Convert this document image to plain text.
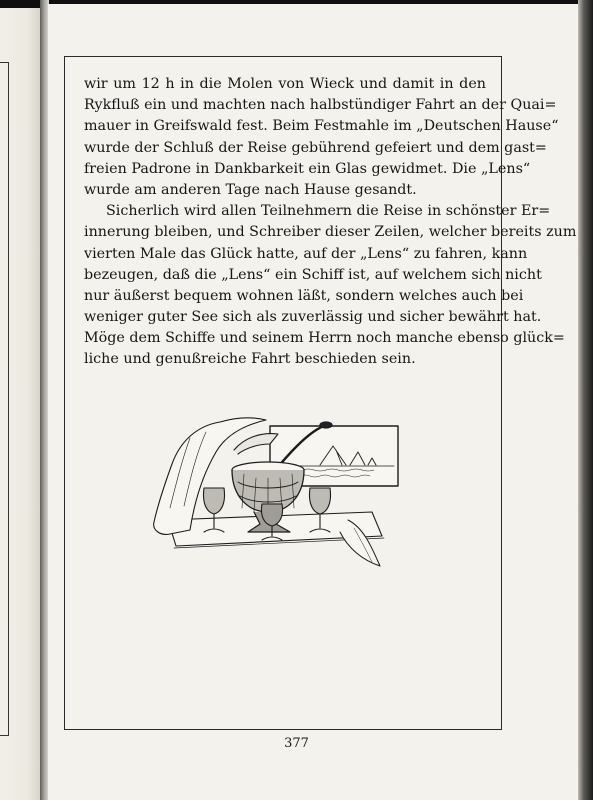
wir um 12 h in die Molen von Wieck und damit in den
Rykfluß ein und machten nach halbstündiger Fahrt an der Quai=
mauer in Greifswald fest. Beim Festmahle im „Deutschen Hause“
wurde der Schluß der Reise gebührend gefeiert und dem gast=
freien Padrone in Dankbarkeit ein Glas gewidmet. Die „Lens“
wurde am anderen Tage nach Hause gesandt.
Sicherlich wird allen Teilnehmern die Reise in schönster Er=
innerung bleiben, und Schreiber dieser Zeilen, welcher bereits zum
vierten Male das Glück hatte, auf der „Lens“ zu fahren, kann
bezeugen, daß die „Lens“ ein Schiff ist, auf welchem sich nicht
nur äußerst bequem wohnen läßt, sondern welches auch bei
weniger guter See sich als zuverlässig und sicher bewährt hat.
Möge dem Schiffe und seinem Herrn noch manche ebenso glück=
liche und genußreiche Fahrt beschieden sein.
377
